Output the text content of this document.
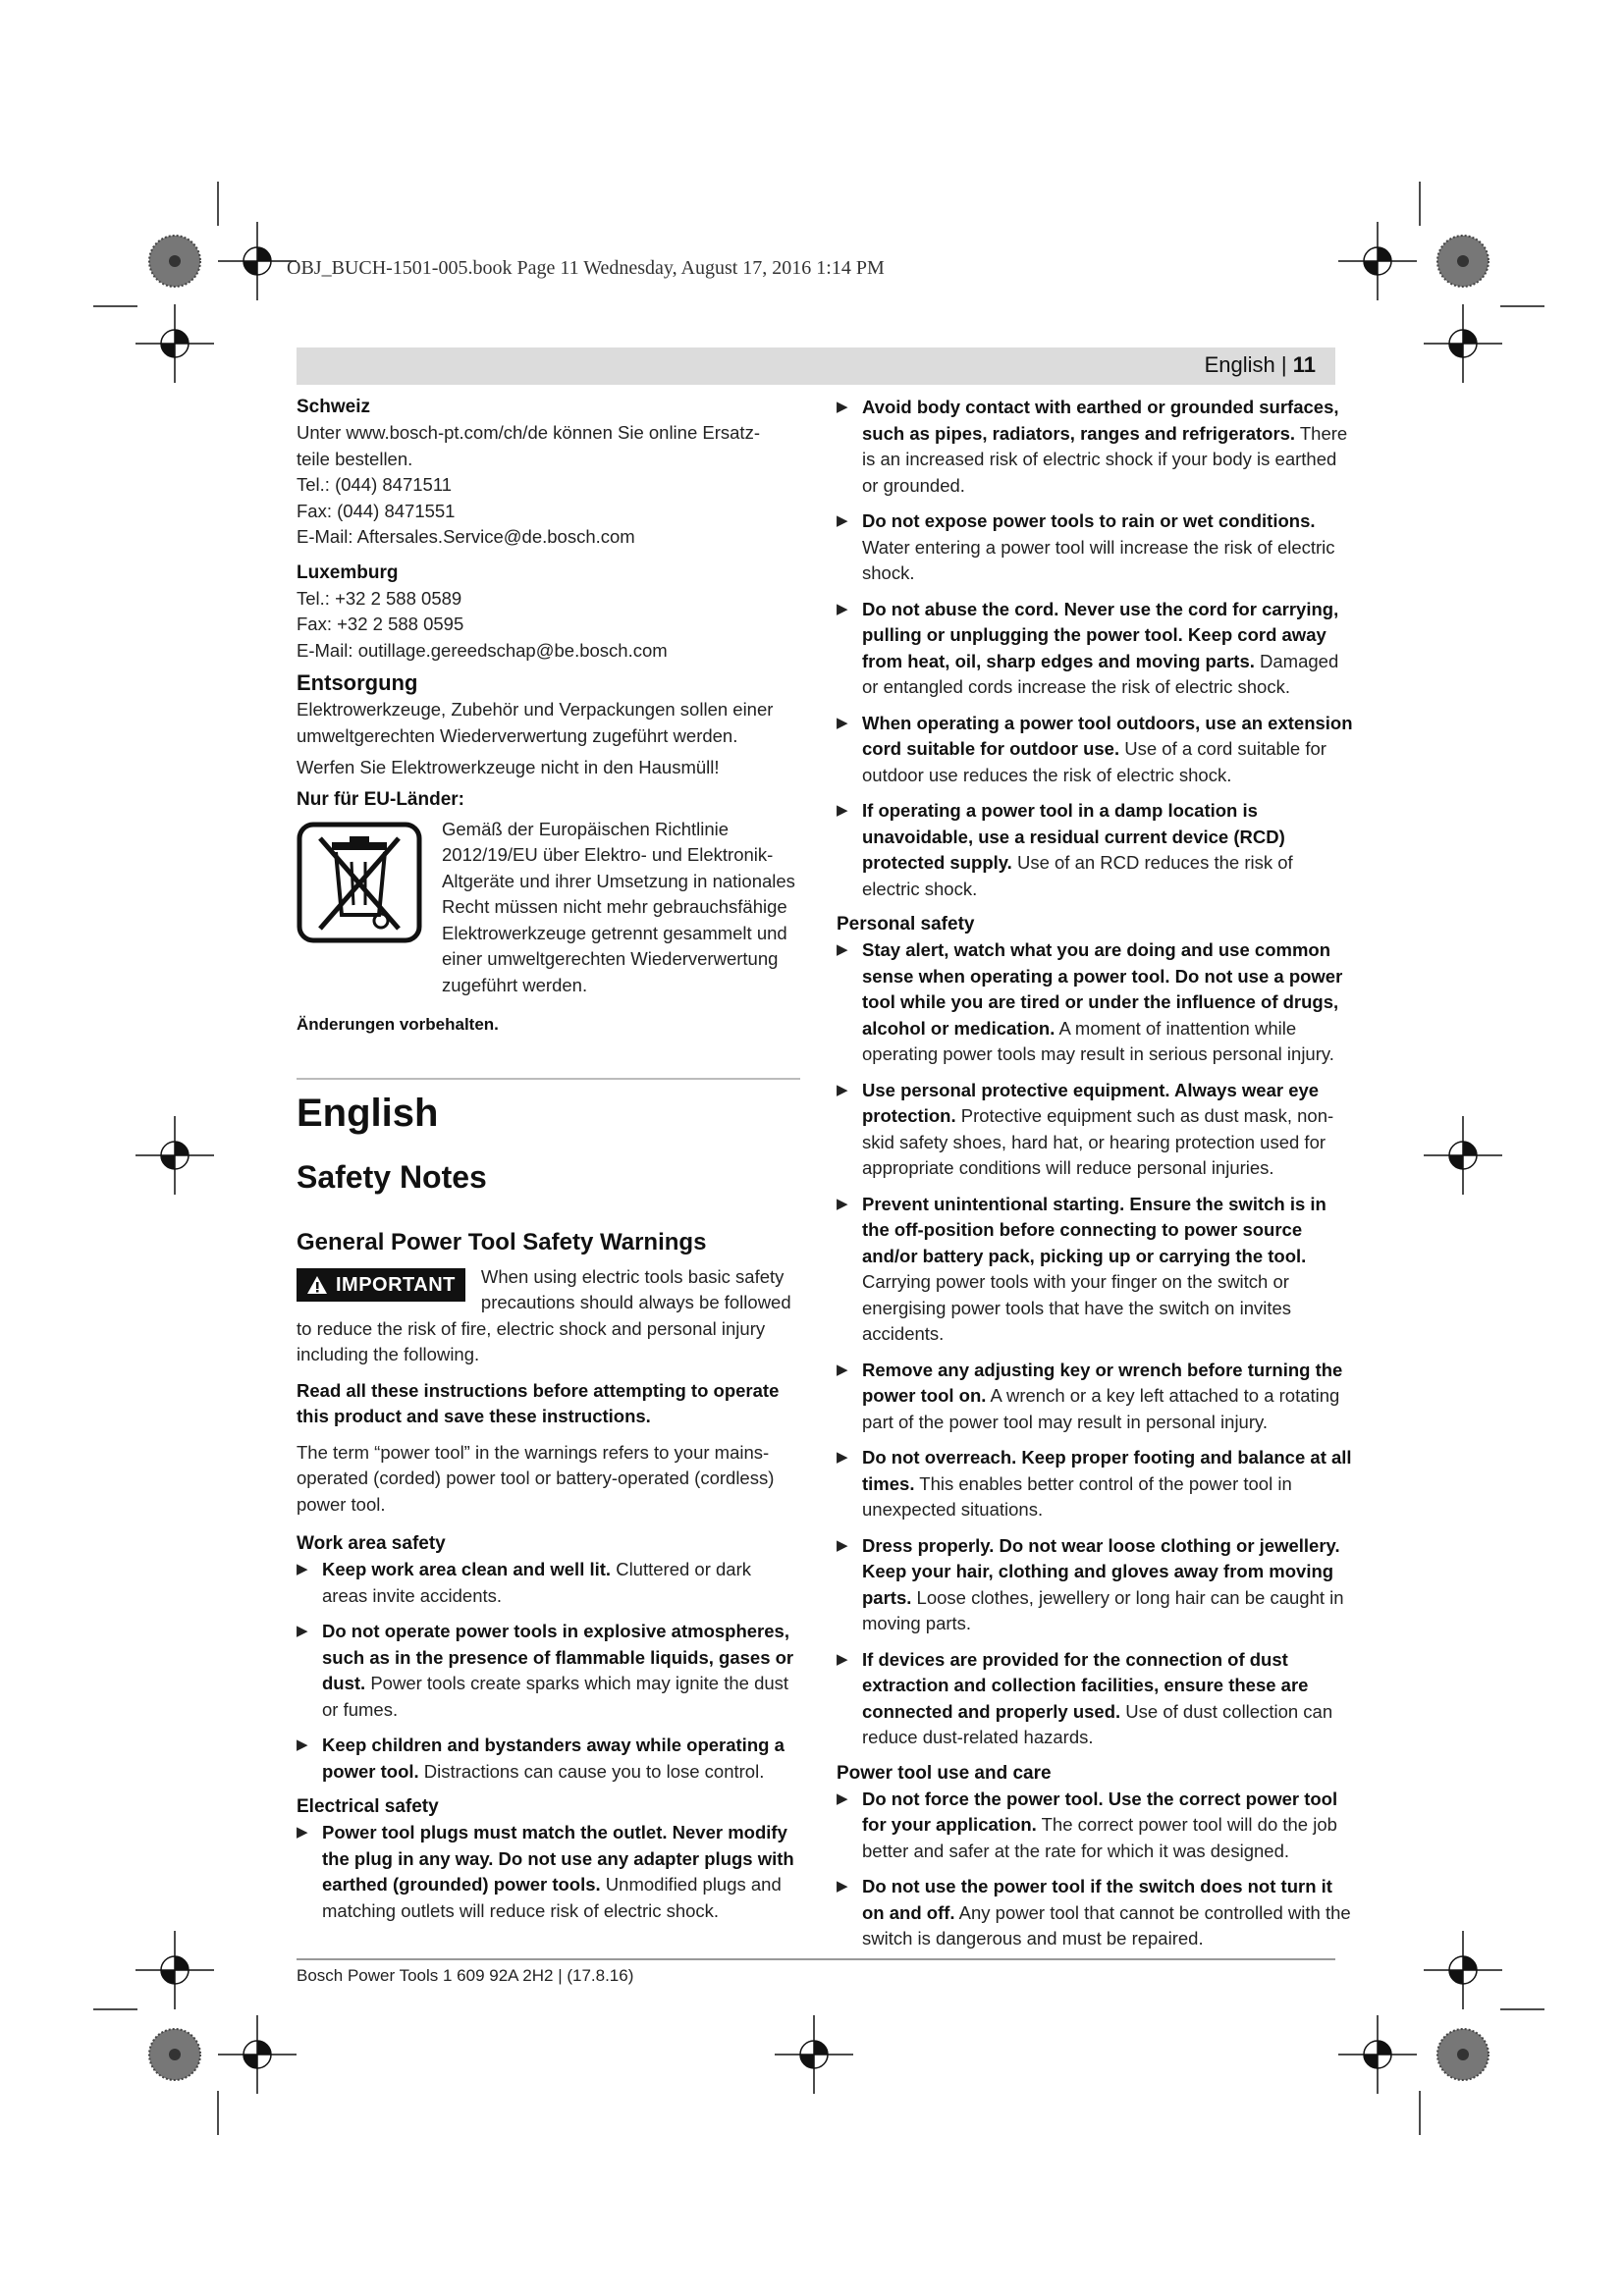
OBJ_BUCH-1501-005.book Page 11 Wednesday, August 17, 2016 1:14 PM
English | 11

Schweiz

Unter www.bosch-pt.com/ch/de können Sie online Ersatz-

teile bestellen.

Tel.: (044) 8471511

Fax: (044) 8471551

E-Mail: Aftersales.Service@de.bosch.com

Luxemburg

Tel.: +32 2 588 0589

Fax: +32 2 588 0595

E-Mail: outillage.gereedschap@be.bosch.com

Entsorgung

Elektrowerkzeuge, Zubehör und Verpackungen sollen einer umweltgerechten Wiederverwertung zugeführt werden.

Werfen Sie Elektrowerkzeuge nicht in den Hausmüll!

Nur für EU-Länder:

Gemäß der Europäischen Richtlinie 2012/19/EU über Elektro- und Elektronik-Altgeräte und ihrer Umsetzung in nationales Recht müssen nicht mehr gebrauchsfähige Elektrowerkzeuge getrennt gesammelt und einer umweltgerechten Wiederverwertung zugeführt werden.

Änderungen vorbehalten.

English

Safety Notes

General Power Tool Safety Warnings

IMPORTANT	When using electric tools basic safety precautions should always be followed to reduce the risk of fire, electric shock and personal injury including the following.

Read all these instructions before attempting to operate this product and save these instructions.

The term “power tool” in the warnings refers to your mains-operated (corded) power tool or battery-operated (cordless) power tool.

Work area safety

▶ Keep work area clean and well lit. Cluttered or dark areas invite accidents.
▶ Do not operate power tools in explosive atmospheres, such as in the presence of flammable liquids, gases or dust. Power tools create sparks which may ignite the dust or fumes.
▶ Keep children and bystanders away while operating a power tool. Distractions can cause you to lose control.

Electrical safety

▶ Power tool plugs must match the outlet. Never modify the plug in any way. Do not use any adapter plugs with earthed (grounded) power tools. Unmodified plugs and matching outlets will reduce risk of electric shock.
▶ Avoid body contact with earthed or grounded surfaces, such as pipes, radiators, ranges and refrigerators. There is an increased risk of electric shock if your body is earthed or grounded.
▶ Do not expose power tools to rain or wet conditions. Water entering a power tool will increase the risk of electric shock.
▶ Do not abuse the cord. Never use the cord for carrying, pulling or unplugging the power tool. Keep cord away from heat, oil, sharp edges and moving parts. Damaged or entangled cords increase the risk of electric shock.
▶ When operating a power tool outdoors, use an extension cord suitable for outdoor use. Use of a cord suitable for outdoor use reduces the risk of electric shock.
▶ If operating a power tool in a damp location is unavoidable, use a residual current device (RCD) protected supply. Use of an RCD reduces the risk of electric shock.

Personal safety

▶ Stay alert, watch what you are doing and use common sense when operating a power tool. Do not use a power tool while you are tired or under the influence of drugs, alcohol or medication. A moment of inattention while operating power tools may result in serious personal injury.
▶ Use personal protective equipment. Always wear eye protection. Protective equipment such as dust mask, non-skid safety shoes, hard hat, or hearing protection used for appropriate conditions will reduce personal injuries.
▶ Prevent unintentional starting. Ensure the switch is in the off-position before connecting to power source and/or battery pack, picking up or carrying the tool. Carrying power tools with your finger on the switch or energising power tools that have the switch on invites accidents.
▶ Remove any adjusting key or wrench before turning the power tool on. A wrench or a key left attached to a rotating part of the power tool may result in personal injury.
▶ Do not overreach. Keep proper footing and balance at all times. This enables better control of the power tool in unexpected situations.
▶ Dress properly. Do not wear loose clothing or jewellery. Keep your hair, clothing and gloves away from moving parts. Loose clothes, jewellery or long hair can be caught in moving parts.
▶ If devices are provided for the connection of dust extraction and collection facilities, ensure these are connected and properly used. Use of dust collection can reduce dust-related hazards.

Power tool use and care

▶ Do not force the power tool. Use the correct power tool for your application. The correct power tool will do the job better and safer at the rate for which it was designed.
▶ Do not use the power tool if the switch does not turn it on and off. Any power tool that cannot be controlled with the switch is dangerous and must be repaired.
Bosch Power Tools 1 609 92A 2H2 | (17.8.16)
